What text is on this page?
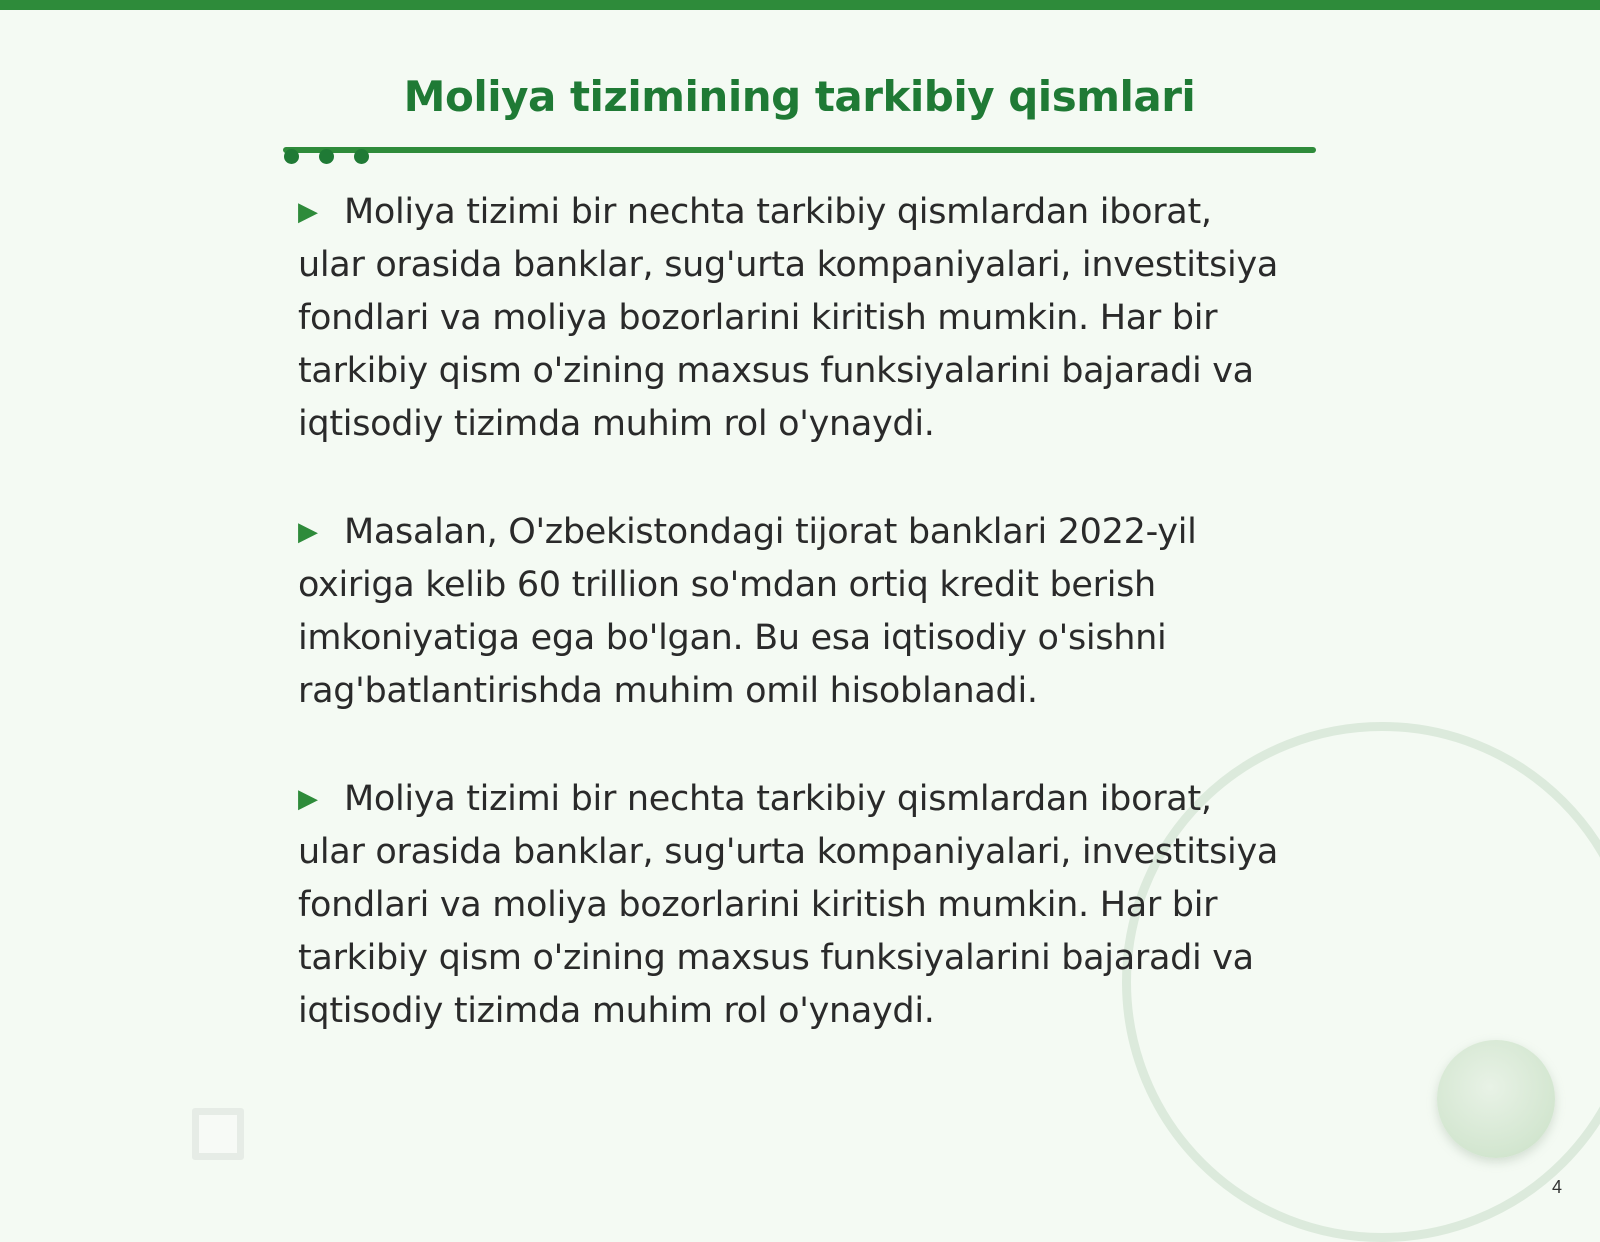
Moliya tizimining tarkibiy qismlari

▶ Moliya tizimi bir nechta tarkibiy qismlardan iborat, ular orasida banklar, sug'urta kompaniyalari, investitsiya fondlari va moliya bozorlarini kiritish mumkin. Har bir tarkibiy qism o'zining maxsus funksiyalarini bajaradi va iqtisodiy tizimda muhim rol o'ynaydi.

▶ Masalan, O'zbekistondagi tijorat banklari 2022-yil oxiriga kelib 60 trillion so'mdan ortiq kredit berish imkoniyatiga ega bo'lgan. Bu esa iqtisodiy o'sishni rag'batlantirishda muhim omil hisoblanadi.

▶ Moliya tizimi bir nechta tarkibiy qismlardan iborat, ular orasida banklar, sug'urta kompaniyalari, investitsiya fondlari va moliya bozorlarini kiritish mumkin. Har bir tarkibiy qism o'zining maxsus funksiyalarini bajaradi va iqtisodiy tizimda muhim rol o'ynaydi.

4
